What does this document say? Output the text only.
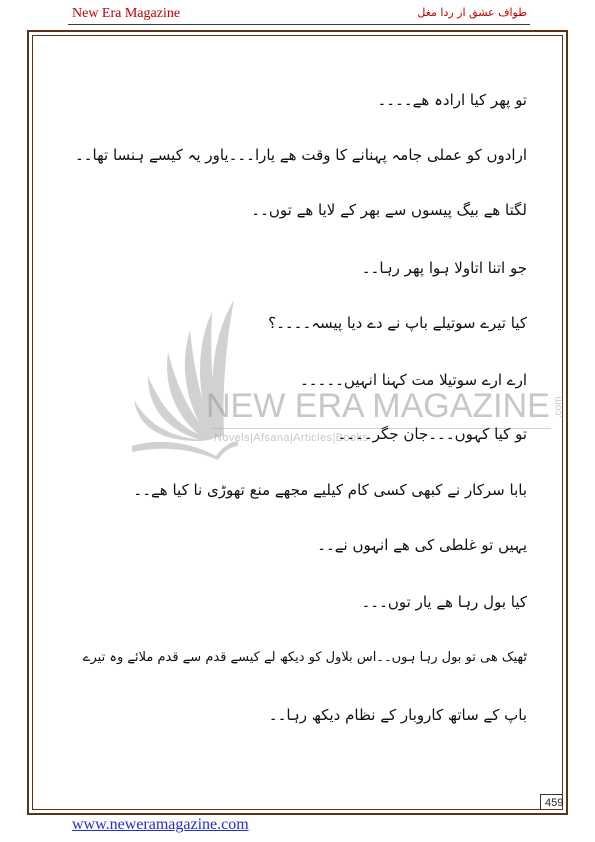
New Era Magazine	طواف عشق از ردا مغل
NEW ERA MAGAZINE
Novels|Afsana|Articles|Books
.com
تو پھر کیا ارادہ ھے۔۔۔۔
ارادوں کو عملی جامہ پہنانے کا وقت ھے یارا۔۔۔یاور یہ کیسے ہنسا تھا۔۔
لگتا ھے بیگ پیسوں سے بھر کے لایا ھے توں۔۔
جو اتنا اتاولا ہوا پھر رہا۔۔
کیا تیرے سوتیلے باپ نے دے دیا پیسہ۔۔۔۔؟
ارے ارے سوتیلا مت کہنا انہیں۔۔۔۔۔
تو کیا کہوں۔۔۔جان جگر۔۔۔۔
بابا سرکار نے کبھی کسی کام کیلیے مجھے منع تھوڑی نا کیا ھے۔۔
یہیں تو غلطی کی ھے انہوں نے۔۔
کیا بول رہا ھے یار توں۔۔۔
ٹھیک ھی تو بول رہا ہوں۔۔اس بلاول کو دیکھ لے کیسے قدم سے قدم ملائے وہ تیرے
باپ کے ساتھ کاروبار کے نظام دیکھ رہا۔۔
459
www.neweramagazine.com
